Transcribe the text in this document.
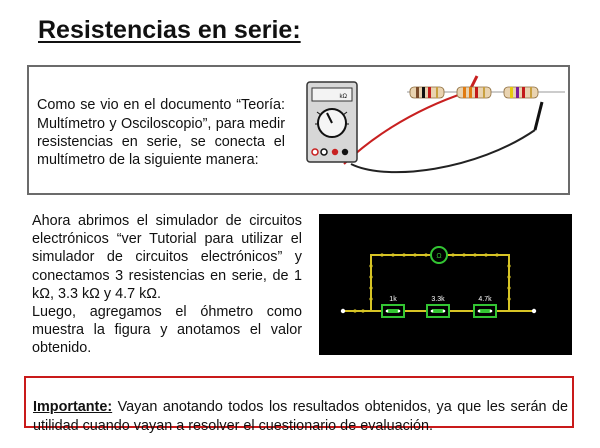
Resistencias en serie:

Como se vio en el documento “Teoría: Multímetro y Osciloscopio”, para medir resistencias en serie, se conecta el multímetro de la siguiente manera:

kΩ
Ahora abrimos el simulador de circuitos electrónicos “ver Tutorial para utilizar el simulador de circuitos electrónicos” y conectamos 3 resistencias en serie, de 1 kΩ, 3.3 kΩ y 4.7 kΩ.
Luego, agregamos el óhmetro como muestra la figura y anotamos el valor obtenido.
Ω
1k	3.3k	4.7k

Importante: Vayan anotando todos los resultados obtenidos, ya que les serán de utilidad cuando vayan a resolver el cuestionario de evaluación.
